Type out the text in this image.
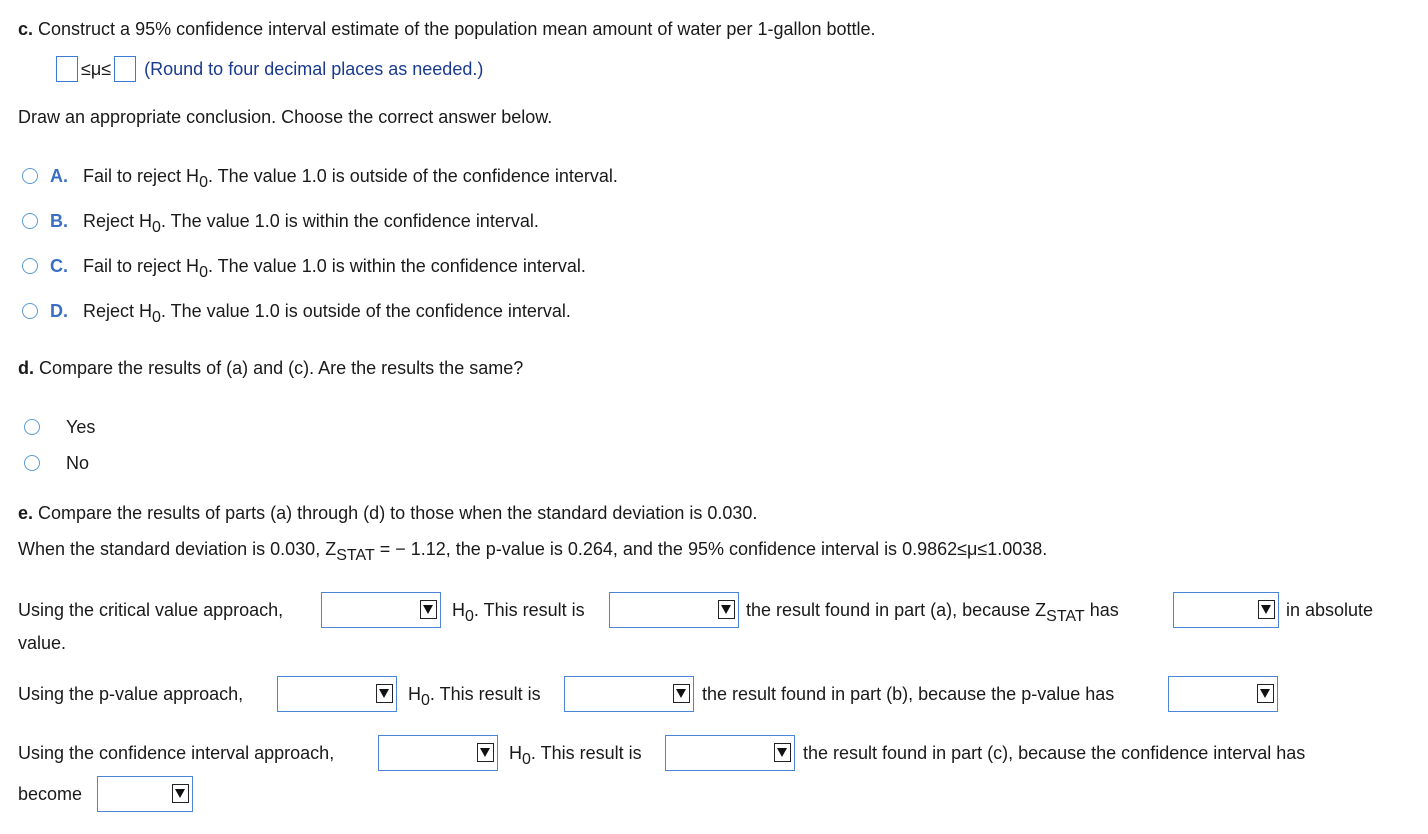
c. Construct a 95% confidence interval estimate of the population mean amount of water per 1-gallon bottle.
≤μ≤ (Round to four decimal places as needed.)
Draw an appropriate conclusion. Choose the correct answer below.
A. Fail to reject $H_0$. The value 1.0 is outside of the confidence interval.
B. Reject $H_0$. The value 1.0 is within the confidence interval.
C. Fail to reject $H_0$. The value 1.0 is within the confidence interval.
D. Reject $H_0$. The value 1.0 is outside of the confidence interval.
d. Compare the results of (a) and (c). Are the results the same?
Yes
No
e. Compare the results of parts (a) through (d) to those when the standard deviation is 0.030.
When the standard deviation is 0.030, $Z_{STAT}$ = − 1.12, the p-value is 0.264, and the 95% confidence interval is 0.9862≤μ≤1.0038.
Using the critical value approach,	$H_0$. This result is	the result found in part (a), because $Z_{STAT}$ has	in absolute
value.
Using the p-value approach,	$H_0$. This result is	the result found in part (b), because the p-value has
Using the confidence interval approach,	$H_0$. This result is	the result found in part (c), because the confidence interval has
become
